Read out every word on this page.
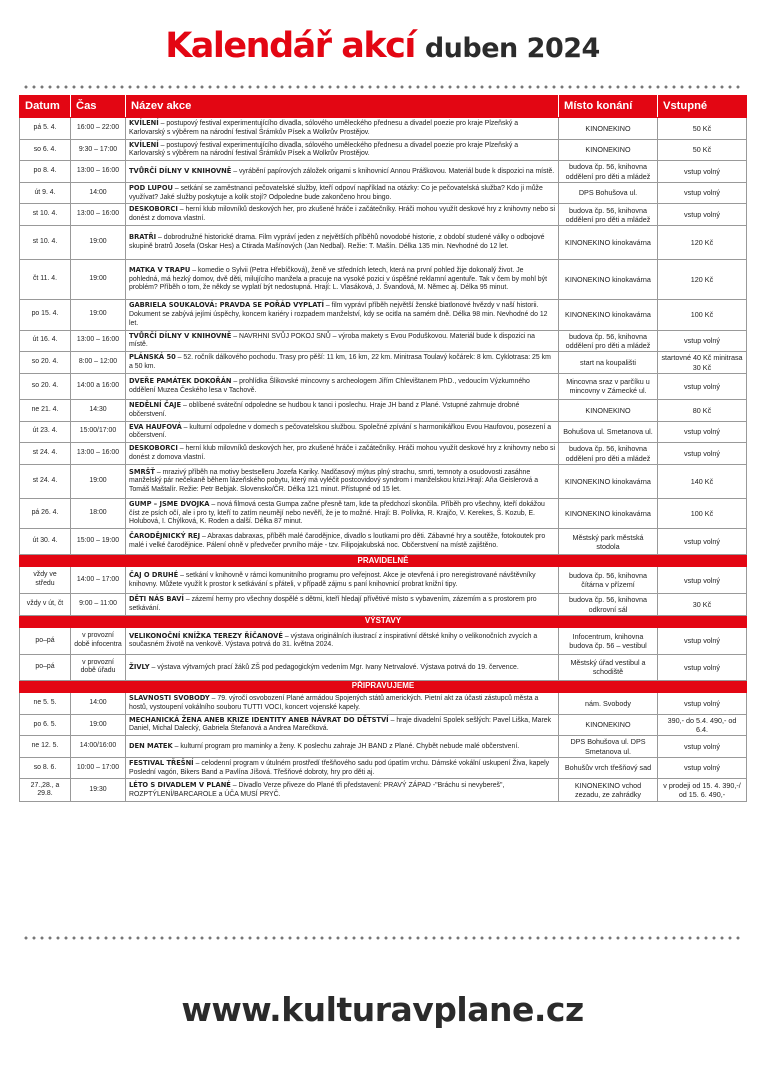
Kalendář akcí duben 2024
Datum	Čas	Název akce	Místo konání	Vstupné
pá 5. 4.	16:00 – 22:00	KVÍLENÍ – postupový festival experimentujícího divadla, sólového uměleckého přednesu a divadel poezie pro kraje Plzeňský a Karlovarský s výběrem na národní festival Šrámkův Písek a Wolkrův Prostějov.	KINONEKINO	50 Kč
so 6. 4.	9:30 – 17:00	KVÍLENÍ – postupový festival experimentujícího divadla, sólového uměleckého přednesu a divadel poezie pro kraje Plzeňský a Karlovarský s výběrem na národní festival Šrámkův Písek a Wolkrův Prostějov.	KINONEKINO	50 Kč
po 8. 4.	13:00 – 16:00	TVŮRČÍ DÍLNY V KNIHOVNĚ – vyrábění papírových záložek origami s knihovnicí Annou Práškovou. Materiál bude k dispozici na místě.	budova čp. 56, knihovna oddělení pro děti a mládež	vstup volný
út 9. 4.	14:00	POD LUPOU – setkání se zaměstnanci pečovatelské služby, kteří odpoví například na otázky: Co je pečovatelská služba? Kdo ji může využívat? Jaké služby poskytuje a kolik stojí? Odpoledne bude zakončeno hrou bingo.	DPS Bohušova ul.	vstup volný
st 10. 4.	13:00 – 16:00	DESKOBORCI – herní klub milovníků deskových her, pro zkušené hráče i začátečníky. Hráči mohou využít deskové hry z knihovny nebo si donést z domova vlastní.	budova čp. 56, knihovna oddělení pro děti a mládež	vstup volný
st 10. 4.	19:00	BRATŘI – dobrodružné historické drama. Film vypráví jeden z největších příběhů novodobé historie, z období studené války o odbojové skupině bratrů Josefa (Oskar Hes) a Ctirada Mašínových (Jan Nedbal). Režie: T. Mašín. Délka 135 min. Nevhodné do 12 let.	KINONEKINO kinokavárna	120 Kč
čt 11. 4.	19:00	MATKA V TRAPU – komedie o Sylvii (Petra Hřebíčková), ženě ve středních letech, která na první pohled žije dokonalý život. Je pohledná, má hezký domov, dvě děti, milujícího manžela a pracuje na vysoké pozici v úspěšné reklamní agentuře. Tak v čem by mohl být problém? Příběh o tom, že někdy se vyplatí být nedostupná. Hrají: L. Vlasáková, J. Švandová, M. Němec aj. Délka 95 minut.	KINONEKINO kinokavárna	120 Kč
po 15. 4.	19:00	GABRIELA SOUKALOVÁ: PRAVDA SE POŘÁD VYPLATÍ – film vypráví příběh největší ženské biatlonové hvězdy v naší historii. Dokument se zabývá jejími úspěchy, koncem kariéry i rozpadem manželství, kdy se ocitla na samém dně. Délka 98 min. Nevhodné do 12 let.	KINONEKINO kinokavárna	100 Kč
út 16. 4.	13:00 – 16:00	TVŮRČÍ DÍLNY V KNIHOVNĚ – NAVRHNI SVŮJ POKOJ SNŮ – výroba makety s Evou Poduškovou. Materiál bude k dispozici na místě.	budova čp. 56, knihovna oddělení pro děti a mládež	vstup volný
so 20. 4.	8:00 – 12:00	PLÁNSKÁ 50 – 52. ročník dálkového pochodu. Trasy pro pěší: 11 km, 16 km, 22 km. Minitrasa Toulavý kočárek: 8 km. Cyklotrasa: 25 km a 50 km.	start na koupališti	startovné 40 Kč minitrasa 30 Kč
so 20. 4.	14:00 a 16:00	DVEŘE PAMÁTEK DOKOŘÁN – prohlídka Šlikovské mincovny s archeologem Jiřím Chlevištanem PhD., vedoucím Výzkumného oddělení Muzea Českého lesa v Tachově.	Mincovna sraz v parčíku u mincovny v Zámecké ul.	vstup volný
ne 21. 4.	14:30	NEDĚLNÍ ČAJE – oblíbené sváteční odpoledne se hudbou k tanci i poslechu. Hraje JH band z Plané. Vstupné zahrnuje drobné občerstvení.	KINONEKINO	80 Kč
út 23. 4.	15:00/17:00	EVA HAUFOVÁ – kulturní odpoledne v domech s pečovatelskou službou. Společné zpívání s harmonikářkou Evou Haufovou, posezení a občerstvení.	Bohušova ul. Smetanova ul.	vstup volný
st 24. 4.	13:00 – 16:00	DESKOBORCI – herní klub milovníků deskových her, pro zkušené hráče i začátečníky. Hráči mohou využít deskové hry z knihovny nebo si donést z domova vlastní.	budova čp. 56, knihovna oddělení pro děti a mládež	vstup volný
st 24. 4.	19:00	SMRŠŤ – mrazivý příběh na motivy bestselleru Jozefa Kariky. Nadčasový mýtus plný strachu, smrti, temnoty a osudovosti zasáhne manželský pár nečekaně během lázeňského pobytu, který má vyléčit postcovidový syndrom i manželskou krizi.Hrají: Aňa Geislerová a Tomáš Maštalír. Režie: Petr Bebjak. Slovensko/ČR. Délka 121 minut. Přístupné od 15 let.	KINONEKINO kinokavárna	140 Kč
pá 26. 4.	18:00	GUMP – JSME DVOJKA – nová filmová cesta Gumpa začne přesně tam, kde ta předchozí skončila. Příběh pro všechny, kteří dokážou číst ze psích očí, ale i pro ty, kteří to zatím neumějí nebo nevěří, že je to možné. Hrají: B. Polívka, R. Krajčo, V. Kerekes, Š. Kozub, E. Holubová, I. Chýlková, K. Roden a další. Délka 87 minut.	KINONEKINO kinokavárna	100 Kč
út 30. 4.	15:00 – 19:00	ČARODĚJNICKÝ REJ – Abraxas dabraxas, příběh malé čarodějnice, divadlo s loutkami pro děti. Zábavné hry a soutěže, fotokoutek pro malé i velké čarodějnice. Pálení ohně v předvečer prvního máje - tzv. Filipojakubská noc. Občerstvení na místě zajištěno.	Městský park městská stodola	vstup volný
PRAVIDELNĚ				
vždy ve středu	14:00 – 17:00	ČAJ O DRUHÉ – setkání v knihovně v rámci komunitního programu pro veřejnost. Akce je otevřená i pro neregistrované návštěvníky knihovny. Můžete využít k prostor k setkávání s přáteli, v případě zájmu s paní knihovnicí probrat knižní tipy.	budova čp. 56, knihovna čítárna v přízemí	vstup volný
vždy v út, čt	9:00 – 11:00	DĚTI NÁS BAVÍ – zázemí herny pro všechny dospělé s dětmi, kteří hledají přívětivé místo s vybavením, zázemím a s prostorem pro setkávání.	budova čp. 56, knihovna odkrovní sál	30 Kč
VÝSTAVY				
po–pá	v provozní době infocentra	VELIKONOČNÍ KNÍŽKA TEREZY ŘÍČANOVÉ – výstava originálních ilustrací z inspirativní dětské knihy o velikonočních zvycích a současném životě na venkově. Výstava potrvá do 31. května 2024.	Infocentrum, knihovna budova čp. 56 – vestibul	vstup volný
po–pá	v provozní době úřadu	ŽIVLY – výstava výtvarných prací žáků ZŠ pod pedagogickým vedením Mgr. Ivany Netrvalové. Výstava potrvá do 19. července.	Městský úřad vestibul a schodiště	vstup volný
PŘIPRAVUJEME				
ne 5. 5.	14:00	SLAVNOSTI SVOBODY – 79. výročí osvobození Plané armádou Spojených států amerických. Pietní akt za účasti zástupců města a hostů, vystoupení vokálního souboru TUTTI VOCI, koncert vojenské kapely.	nám. Svobody	vstup volný
po 6. 5.	19:00	MECHANICKÁ ŽENA ANEB KRIZE IDENTITY ANEB NÁVRAT DO DĚTSTVÍ – hraje divadelní Spolek sešlých: Pavel Liška, Marek Daniel, Michal Dalecký, Gabriela Štefanová a Andrea Marečková.	KINONEKINO	390,- do 5.4. 490,- od 6.4.
ne 12. 5.	14:00/16:00	DEN MATEK – kulturní program pro maminky a ženy. K poslechu zahraje JH BAND z Plané. Chybět nebude malé občerstvení.	DPS Bohušova ul. DPS Smetanova ul.	vstup volný
so 8. 6.	10:00 – 17:00	FESTIVAL TŘEŠNÍ – celodenní program v útulném prostředí třešňového sadu pod úpatím vrchu. Dámské vokální uskupení Živa, kapely Poslední vagón, Bikers Band a Pavlína Jíšová. Třešňové dobroty, hry pro děti aj.	Bohušův vrch třešňový sad	vstup volný
27.,28., a 29.8.	19:30	LÉTO S DIVADLEM V PLANÉ – Divadlo Verze přiveze do Plané tři představení: PRAVÝ ZÁPAD -"Bráchu si nevybereš", ROZPTÝLENÍ/BARCAROLE a ÚČA MUSÍ PRYČ.	KINONEKINO vchod zezadu, ze zahrádky	v prodeji od 15. 4. 390,-/ od 15. 6. 490,-
www.kulturavplane.cz
